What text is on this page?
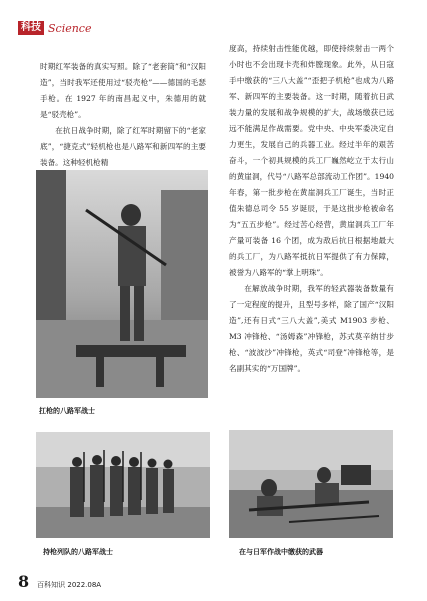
科技 Science

时期红军装备的真实写照。除了“老套筒”和“汉阳造”，当时我军还使用过“驳壳枪”——德国的毛瑟手枪。在 1927 年的南昌起义中，朱德用的就是“驳壳枪”。

在抗日战争时期，除了红军时期留下的“老家底”，“捷克式”轻机枪也是八路军和新四军的主要装备。这种轻机枪精

度高，持续射击性能优越，即使持续射击一两个小时也不会出现卡壳和炸膛现象。此外，从日寇手中缴获的“三八大盖”“歪把子机枪”也成为八路军、新四军的主要装备。这一时期，随着抗日武装力量的发展和战争规模的扩大，战场缴获已远远不能满足作战需要。党中央、中央军委决定自力更生，发展自己的兵器工业。经过半年的艰苦奋斗，一个初具规模的兵工厂巍然屹立于太行山的黄崖洞，代号“八路军总部流动工作团”。1940 年春，第一批步枪在黄崖洞兵工厂诞生，当时正值朱德总司令 55 岁诞辰，于是这批步枪被命名为“五五步枪”。经过苦心经营，黄崖洞兵工厂年产量可装备 16 个团，成为敌后抗日根据地最大的兵工厂，为八路军抵抗日军提供了有力保障，被誉为八路军的“掌上明珠”。

在解放战争时期，我军的轻武器装备数量有了一定程度的提升，且型号多样，除了国产“汉阳造”,还有日式“三八大盖”,美式 M1903 步枪、M3 冲锋枪、“汤姆森”冲锋枪，苏式莫辛纳甘步枪、“波波沙”冲锋枪，英式“司登”冲锋枪等，是名副其实的“万国牌”。

扛枪的八路军战士
在与日军作战中缴获的武器
持枪列队的八路军战士
8 百科知识 2022.08A
